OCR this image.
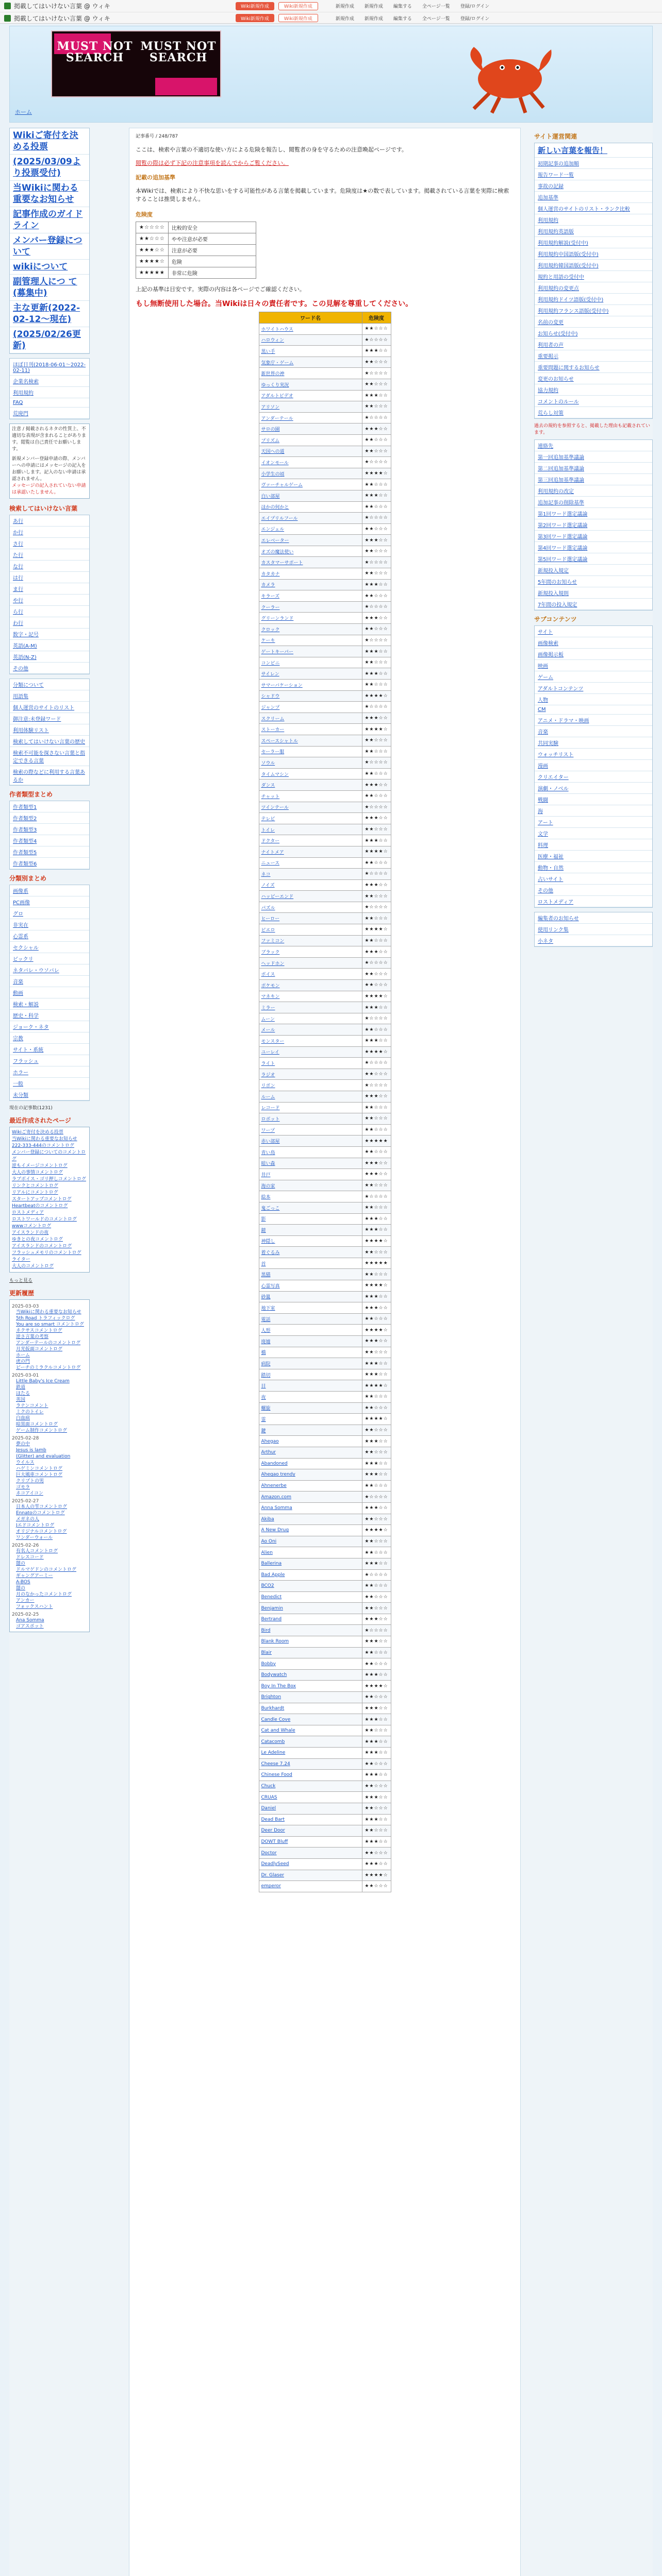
掲載してはいけない言葉 @ ウィキ	Wiki新規作成	Wiki新規作成	新規作成 新規作成 編集する 全ページ一覧 登録/ログイン
掲載してはいけない言葉 @ ウィキ	Wiki新規作成	Wiki新規作成	新規作成 新規作成 編集する 全ページ一覧 登録/ログイン
MUST NOT SEARCH
MUST NOT SEARCH
ホーム
Wikiご寄付を決める投票
(2025/03/09より投票受付)
当Wikiに関わる重要なお知らせ
記事作成のガイドライン
メンバー登録について
wikiについて
副管理人につ て(募集中)
主な更新(2022-02-12～現在)
(2025/02/26更新)
ほぼ日刊(2018-06-01～2022-02-11)
企業名検索
利用規約
FAQ
荒廃門
注意 / 掲載されるネタの性質上、不適切な表現が含まれることがあります。閲覧は自己責任でお願いします。
新規メンバー登録申請の際、メンバーへの申請にはメッセージの記入をお願いします。記入のない申請は承認されません。
メッセージの記入されていない申請は承認いたしません。
検索してはいけない言葉
あ行
か行
さ行
た行
な行
は行
ま行
や行
ら行
わ行
数字・記号
英語(A-M)
英語(N-Z)
その他
分類について
用語集
個人運営のサイトのリスト
御注意:未登録ワード
利用体験リスト
検索してはいけない言葉の歴史
検索不可能を探さない言葉と指定できる言葉
検索の際などに利用する言葉あるか
作者類型まとめ
作者類型1
作者類型2
作者類型3
作者類型4
作者類型5
作者類型6
分類別まとめ
画像系
PC画像
グロ
非実在
心霊系
セクシャル
ビックリ
ネタバレ・ウソバレ
音楽
動画
検索・解説
歴史・科学
ジョーク・ネタ
宗教
サイト・系統
フラッシュ
ホラー
一般
未分類
現在の記事数(1231)
最近作成されたページ
Wikiご寄付を決める投票
当Wikiに関わる重要なお知らせ
222-333-444のコメントログ
メンバー登録についてのコメントログ
逆もイメージコメントログ
大人の事情コメントログ
ラブボイス・ゴリ押しコメントログ
リンクとコメントログ
リアルにコメントログ
スタートアップコメントログ
Heartbeatのコメントログ
ロストメディア
ロストワールドのコメントログ
wwwコメントログ
アイスランドの夜
ゆきとの夜コメントログ
アイスランドのコメントログ
フラッシュメモリのコメントログ
ライター
大人のコメントログ
もっと見る
更新履歴
2025-03-03
当Wikiに関わる重要なお知らせ
5th Road トラフィックログ
You are so smart コメントログ
ネクサスコメントログ
逆さ言葉の考察
アンダーテールのコメントログ
月光仮面コメントログ
ホーム
虎の門
ビーチのミラクルコメントログ
2025-03-01
Little Baby's Ice Cream
鉄道
ほたる
英国
ラナンコメント
ミクのトイレ
白血病
暗黒面コメントログ
ゲーム制作コメントログ
2025-02-28
夢の中
Jesus is lamb
(Glitter) and evaluation
ウイルス
ハゲミンコメントログ
巨大風車コメントログ
クリプトの男
ゴモラ
ネコアイコン
2025-02-27
日本人の雫コメントログ
Ennatoのコメントログ
メガネの人
Jエドコメントログ
オリジナルコメントログ
ワンダーウォール
2025-02-26
有名人コメントログ
ドレスコード
闇の
ドルマゲドンのコメントログ
ギャングアーミー
A-BOS
闇の
月のなかったコメントログ
アンカー
フォックスハント
2025-02-25
Ana Somma
ゴアスポット
記事番号 / 248/787

ここは、検索や言葉の不適切な使い方による危険を報告し、閲覧者の身を守るための注意喚起ページです。

閲覧の際は必ず下記の注意事項を読んでからご覧ください。

記載の追加基準

本Wikiでは、検索により不快な思いをする可能性がある言葉を掲載しています。危険度は★の数で表しています。掲載されている言葉を実際に検索することは推奨しません。

危険度
★☆☆☆☆	比較的安全
★★☆☆☆	やや注意が必要
★★★☆☆	注意が必要
★★★★☆	危険
★★★★★	非常に危険

上記の基準は目安です。実際の内容は各ページでご確認ください。

もし無断使用した場合。当Wikiは日々の責任者です。この見解を尊重してください。

ワード名	危険度
ホワイトハウス	★★☆☆☆
ハロウィン	★☆☆☆☆
黒い手	★★★☆☆
気象庁・ゲーム	★★☆☆☆
新世界の神	★☆☆☆☆
ゆっくり実況	★★☆☆☆
アダルトビデオ	★★★☆☆
アリソン	★★☆☆☆
アンダーテール	★☆☆☆☆
サロの園	★★★☆☆
プリズム	★★☆☆☆
天国への道	★★☆☆☆
イオンモール	★☆☆☆☆
小学生の頃	★★★★☆
ヴァーチャルゲーム	★★☆☆☆
白い部屋	★★★☆☆
ほかの何かと	★★☆☆☆
エイプリルフール	★☆☆☆☆
エンジェル	★★☆☆☆
エレベーター	★★★☆☆
オズの魔法使い	★★☆☆☆
カスタマーサポート	★☆☆☆☆
カタカナ	★★☆☆☆
カメラ	★★★☆☆
キラーズ	★★☆☆☆
クーラー	★☆☆☆☆
グリーンランド	★★★☆☆
クロック	★★☆☆☆
ケーキ	★☆☆☆☆
ゲートキーパー	★★★☆☆
コンビニ	★★☆☆☆
サイレン	★★★☆☆
サマーバケーション	★★☆☆☆
シャドウ	★★★★☆
ジャンプ	★☆☆☆☆
スクリーム	★★★☆☆
ストーカー	★★★★☆
スペースシャトル	★★☆☆☆
セーラー服	★★☆☆☆
ソウル	★☆☆☆☆
タイムマシン	★★☆☆☆
ダンス	★★★☆☆
チャット	★★☆☆☆
ツインテール	★☆☆☆☆
テレビ	★★★☆☆
トイレ	★★☆☆☆
ドクター	★★★☆☆
ナイトメア	★★★★☆
ニュース	★★☆☆☆
ネコ	★☆☆☆☆
ノイズ	★★★☆☆
ハッピーエンド	★★☆☆☆
パズル	★☆☆☆☆
ヒーロー	★★☆☆☆
ピエロ	★★★★☆
ファミコン	★★☆☆☆
ブラック	★★★☆☆
ヘッドホン	★☆☆☆☆
ボイス	★★☆☆☆
ポケモン	★★☆☆☆
マネキン	★★★★☆
ミラー	★★★☆☆
ムーン	★☆☆☆☆
メール	★★☆☆☆
モンスター	★★★☆☆
ユーレイ	★★★★☆
ライト	★☆☆☆☆
ラジオ	★★☆☆☆
リボン	★☆☆☆☆
ルーム	★★★☆☆
レコード	★★☆☆☆
ロボット	★★☆☆☆
ワープ	★★☆☆☆
赤い部屋	★★★★★
青い鳥	★★☆☆☆
暗い森	★★★☆☆
井戸	★★★☆☆
海の家	★★☆☆☆
絵本	★☆☆☆☆
鬼ごっこ	★★☆☆☆
影	★★★☆☆
鏡	★★★☆☆
神隠し	★★★★☆
着ぐるみ	★★☆☆☆
首	★★★★★
黒猫	★★☆☆☆
心霊写真	★★★★☆
砂嵐	★★★☆☆
地下室	★★★☆☆
電話	★★☆☆☆
人形	★★★★☆
廃墟	★★★☆☆
橋	★★☆☆☆
病院	★★★☆☆
踏切	★★★☆☆
目	★★★★☆
夜	★★☆☆☆
螺旋	★★☆☆☆
霊	★★★★☆
鍵	★★☆☆☆
Ahegao	★★★☆☆
Arthur	★★☆☆☆
Abandoned	★★★☆☆
Ahegao trendy	★★★☆☆
Ahnenerbe	★★☆☆☆
Amazon.com	★☆☆☆☆
Anna Somma	★★★☆☆
Akiba	★★☆☆☆
A New Drug	★★★★☆
Ao Oni	★★☆☆☆
Alien	★★☆☆☆
Ballerina	★★★☆☆
Bad Apple	★☆☆☆☆
BCO2	★★☆☆☆
Benedict	★★☆☆☆
Benjamin	★★☆☆☆
Bertrand	★★★☆☆
Bird	★☆☆☆☆
Blank Room	★★★☆☆
Blair	★★☆☆☆
Bobby	★★☆☆☆
Bodywatch	★★★☆☆
Boy In The Box	★★★★☆
Brighton	★★☆☆☆
Burkhardt	★★★☆☆
Candle Cove	★★★☆☆
Cat and Whale	★★☆☆☆
Catacomb	★★★☆☆
Le Adeline	★★★☆☆
Cheese 7.24	★★☆☆☆
Chinese Food	★★★☆☆
Chuck	★★☆☆☆
CRUAS	★★★☆☆
Daniel	★★☆☆☆
Dead Bart	★★★☆☆
Deer Door	★★☆☆☆
DOWT Bluff	★★★☆☆
Doctor	★★☆☆☆
DeadlySeed	★★★☆☆
Dr. Glaser	★★★★☆
emperor	★★☆☆☆
サイト運営関連
新しい言葉を報告！
初期記事の追加順
報告ワード一覧
事故の記録
追加基準
個人運営のサイトのリスト・ランク比較
利用規約
利用規約英語版
利用規約解説(受付中)
利用規約中国語版(受付中)
利用規約韓国語版(受付中)
規約と用語の受付中
利用規約の変更点
利用規約ドイツ語版(受付中)
利用規約フランス語版(受付中)
名前の変更
お知らせ(受付中)
利用者の声
重要掲示
重要問題に関するお知らせ
変更のお知らせ
協力規約
コメントのルール
荒らし対策
過去の規約を参照すると、掲載した理由も記載されています。
連絡先
第一回追加基準議論
第二回追加基準議論
第三回追加基準議論
利用規約の改定
追加記事の削除基準
第1回ワード選定議論
第2回ワード選定議論
第3回ワード選定議論
第4回ワード選定議論
第5回ワード選定議論
新規投入規定
5年間のお知らせ
新規投入規則
7年間の投入規定
サブコンテンツ
サイト
画像検索
画像掲示板
映画
ゲーム
アダルトコンテンツ
人物
CM
アニメ・ドラマ・映画
音楽
共同実験
ウォッチリスト
漫画
クリエイター
演劇・ノベル
戦闘
海
アート
文学
料理
医療・福祉
動物・自然
占いサイト
その他
ロストメディア
編集者のお知らせ
使用リンク集
小ネタ
